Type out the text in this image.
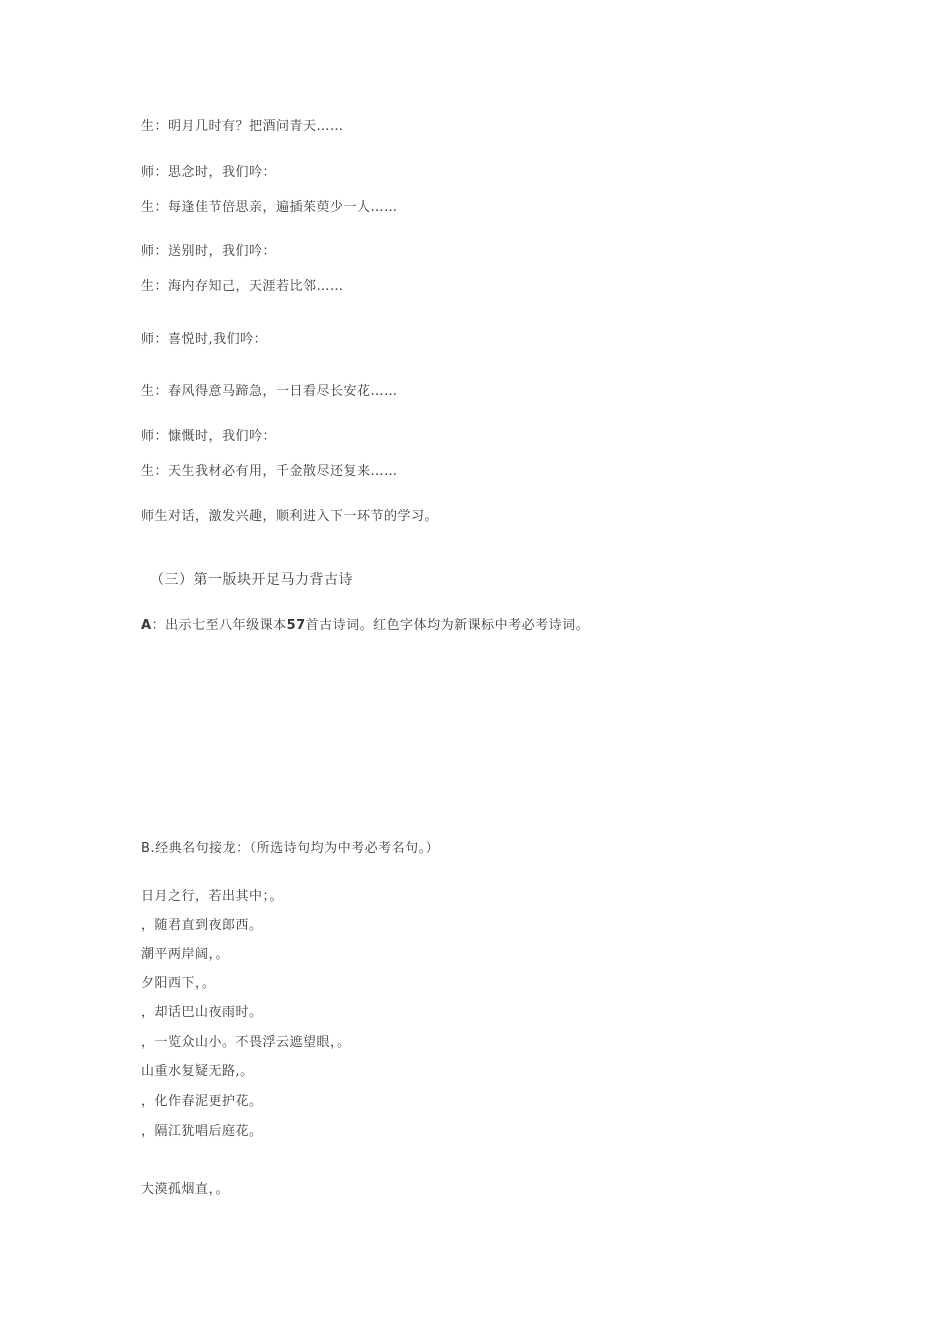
生：明月几时有？把酒问青天……
师：思念时，我们吟：
生：每逢佳节倍思亲，遍插茱萸少一人……
师：送别时，我们吟：
生：海内存知己，天涯若比邻……
师：喜悦时,我们吟：
生：春风得意马蹄急，一日看尽长安花……
师：慷慨时，我们吟：
生：天生我材必有用，千金散尽还复来……
师生对话，激发兴趣，顺利进入下一环节的学习。
（三）第一版块开足马力背古诗
A：出示七至八年级课本57首古诗词。红色字体均为新课标中考必考诗词。
B.经典名句接龙：（所选诗句均为中考必考名句。）
日月之行，若出其中；。
，随君直到夜郎西。
潮平两岸阔，。
夕阳西下，。
，却话巴山夜雨时。
，一览众山小。不畏浮云遮望眼，。
山重水复疑无路,。
，化作春泥更护花。
，隔江犹唱后庭花。
大漠孤烟直，。
